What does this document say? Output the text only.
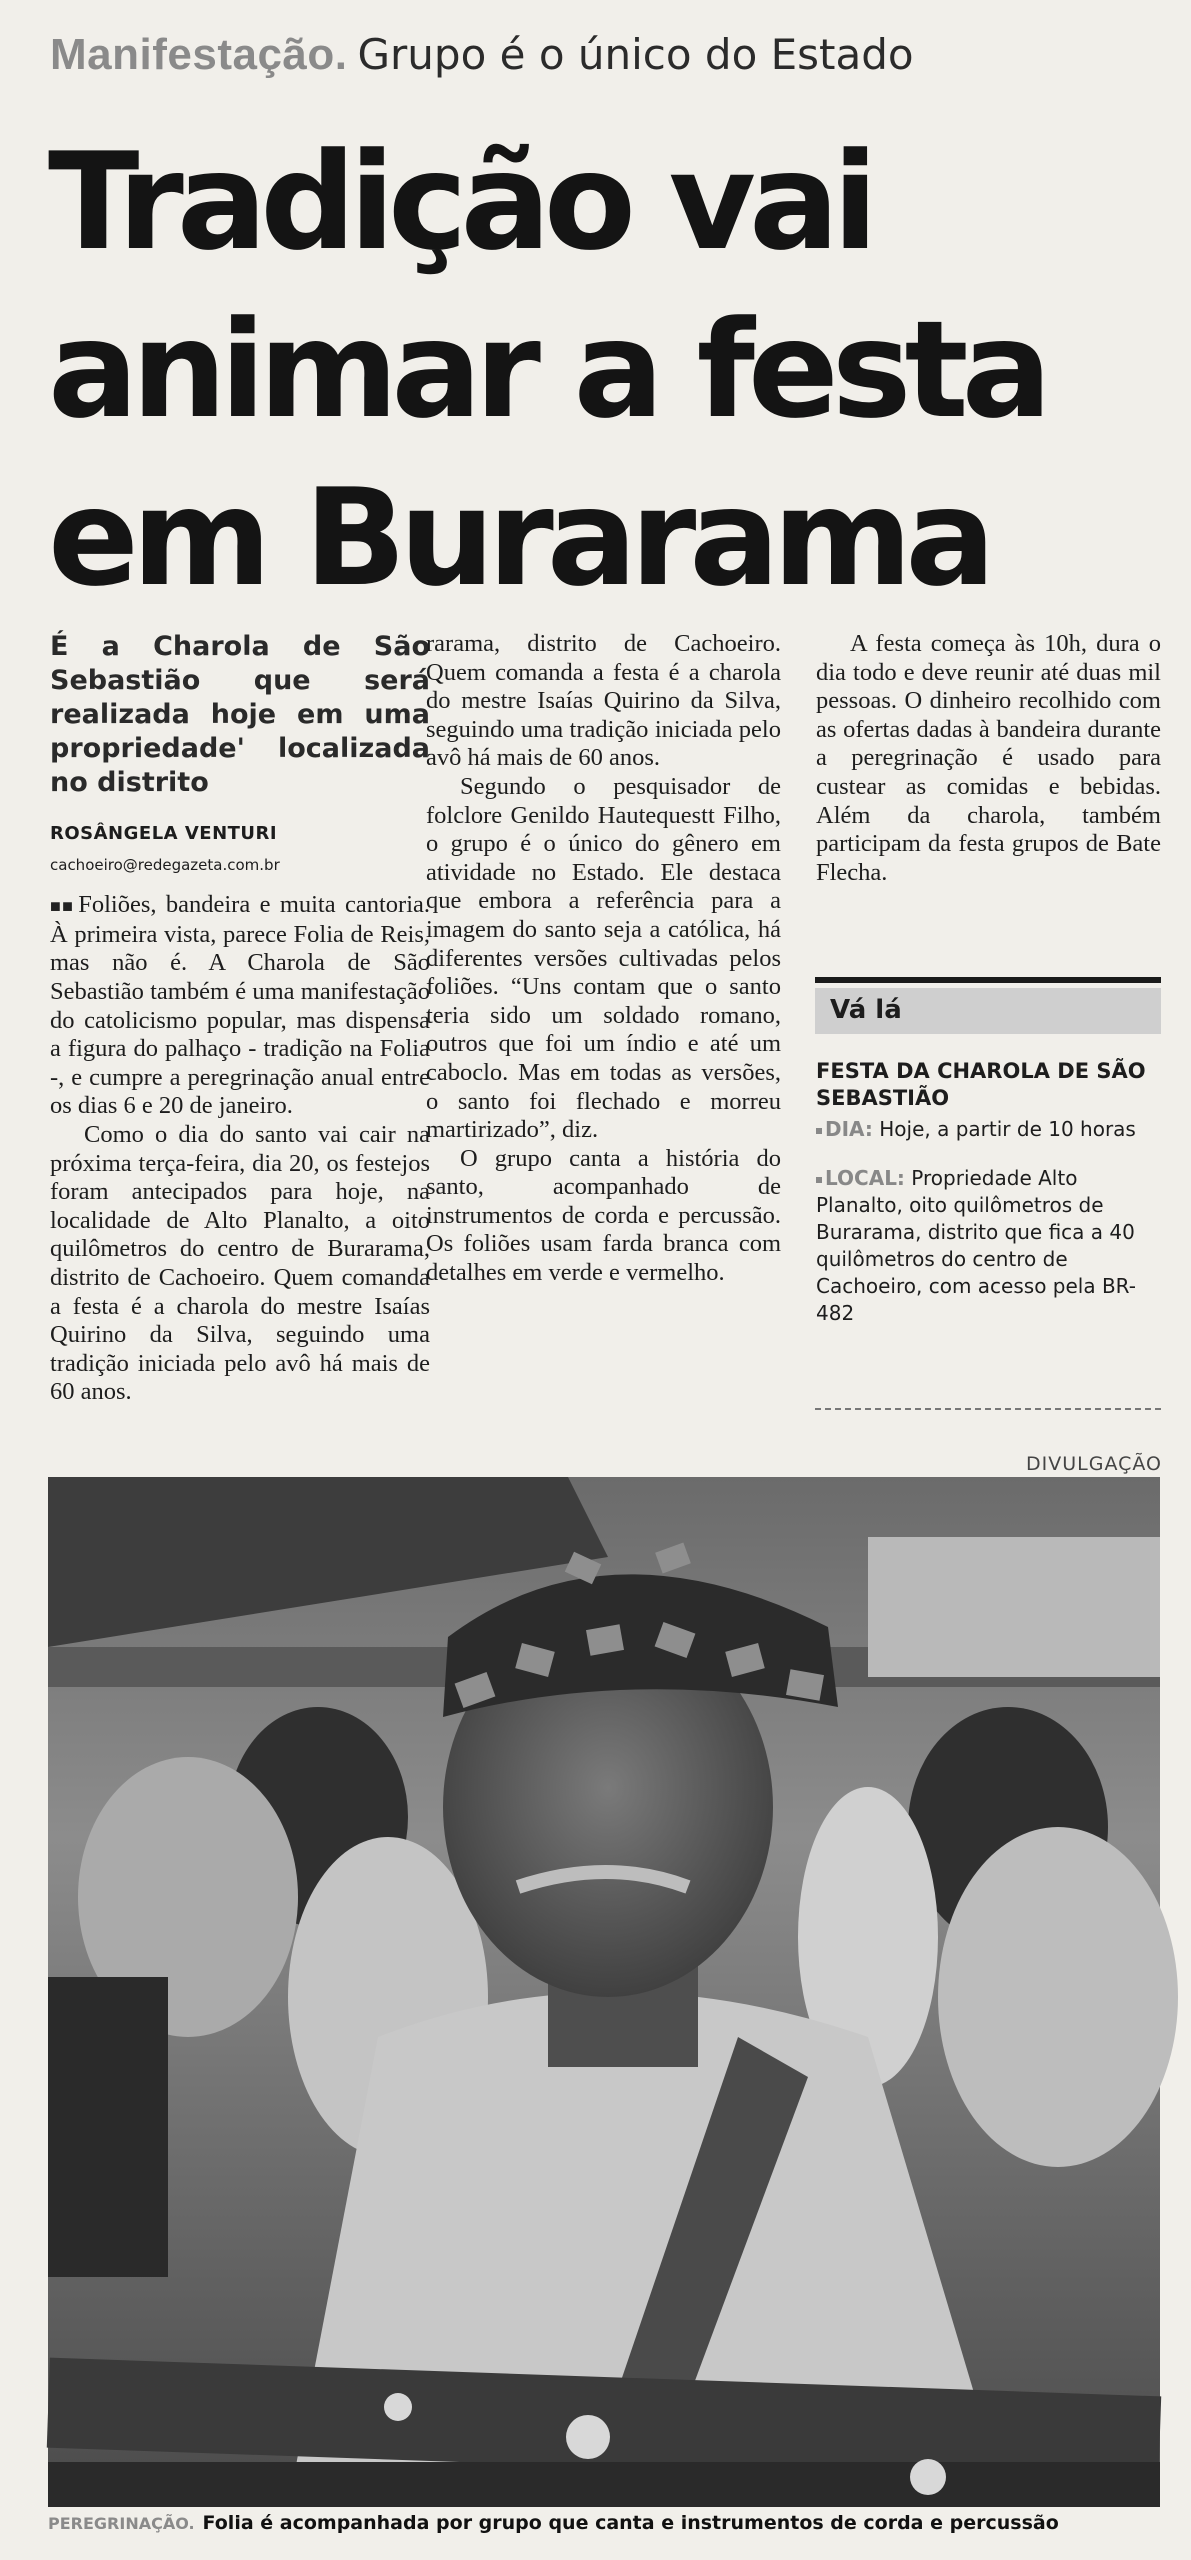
Manifestação. Grupo é o único do Estado
Tradição vai
animar a festa
em Burarama
É a Charola de São Sebastião que será realizada hoje em uma propriedade' localizada no distrito
ROSÂNGELA VENTURI
cachoeiro@redegazeta.com.br

■■ Foliões, bandeira e muita cantoria. À primeira vista, parece Folia de Reis, mas não é. A Charola de São Sebastião também é uma manifestação do catolicismo popular, mas dispensa a figura do palhaço - tradição na Folia -, e cumpre a peregrinação anual entre os dias 6 e 20 de janeiro.

Como o dia do santo vai cair na próxima terça-feira, dia 20, os festejos foram antecipados para hoje, na localidade de Alto Planalto, a oito quilômetros do centro de Burarama, distrito de Cachoeiro. Quem comanda a festa é a charola do mestre Isaías Quirino da Silva, seguindo uma tradição iniciada pelo avô há mais de 60 anos.

rarama, distrito de Cachoeiro. Quem comanda a festa é a charola do mestre Isaías Quirino da Silva, seguindo uma tradição iniciada pelo avô há mais de 60 anos.

Segundo o pesquisador de folclore Genildo Hautequestt Filho, o grupo é o único do gênero em atividade no Estado. Ele destaca que embora a referência para a imagem do santo seja a católica, há diferentes versões cultivadas pelos foliões. “Uns contam que o santo teria sido um soldado romano, outros que foi um índio e até um caboclo. Mas em todas as versões, o santo foi flechado e morreu martirizado”, diz.

O grupo canta a história do santo, acompanhado de instrumentos de corda e percussão. Os foliões usam farda branca com detalhes em verde e vermelho.

A festa começa às 10h, dura o dia todo e deve reunir até duas mil pessoas. O dinheiro recolhido com as ofertas dadas à bandeira durante a peregrinação é usado para custear as comidas e bebidas. Além da charola, também participam da festa grupos de Bate Flecha.

Vá lá
FESTA DA CHAROLA DE SÃO SEBASTIÃO
DIA: Hoje, a partir de 10 horas
LOCAL: Propriedade Alto Planalto, oito quilômetros de Burarama, distrito que fica a 40 quilômetros do centro de Cachoeiro, com acesso pela BR-482
DIVULGAÇÃO
PEREGRINAÇÃO. Folia é acompanhada por grupo que canta e instrumentos de corda e percussão
